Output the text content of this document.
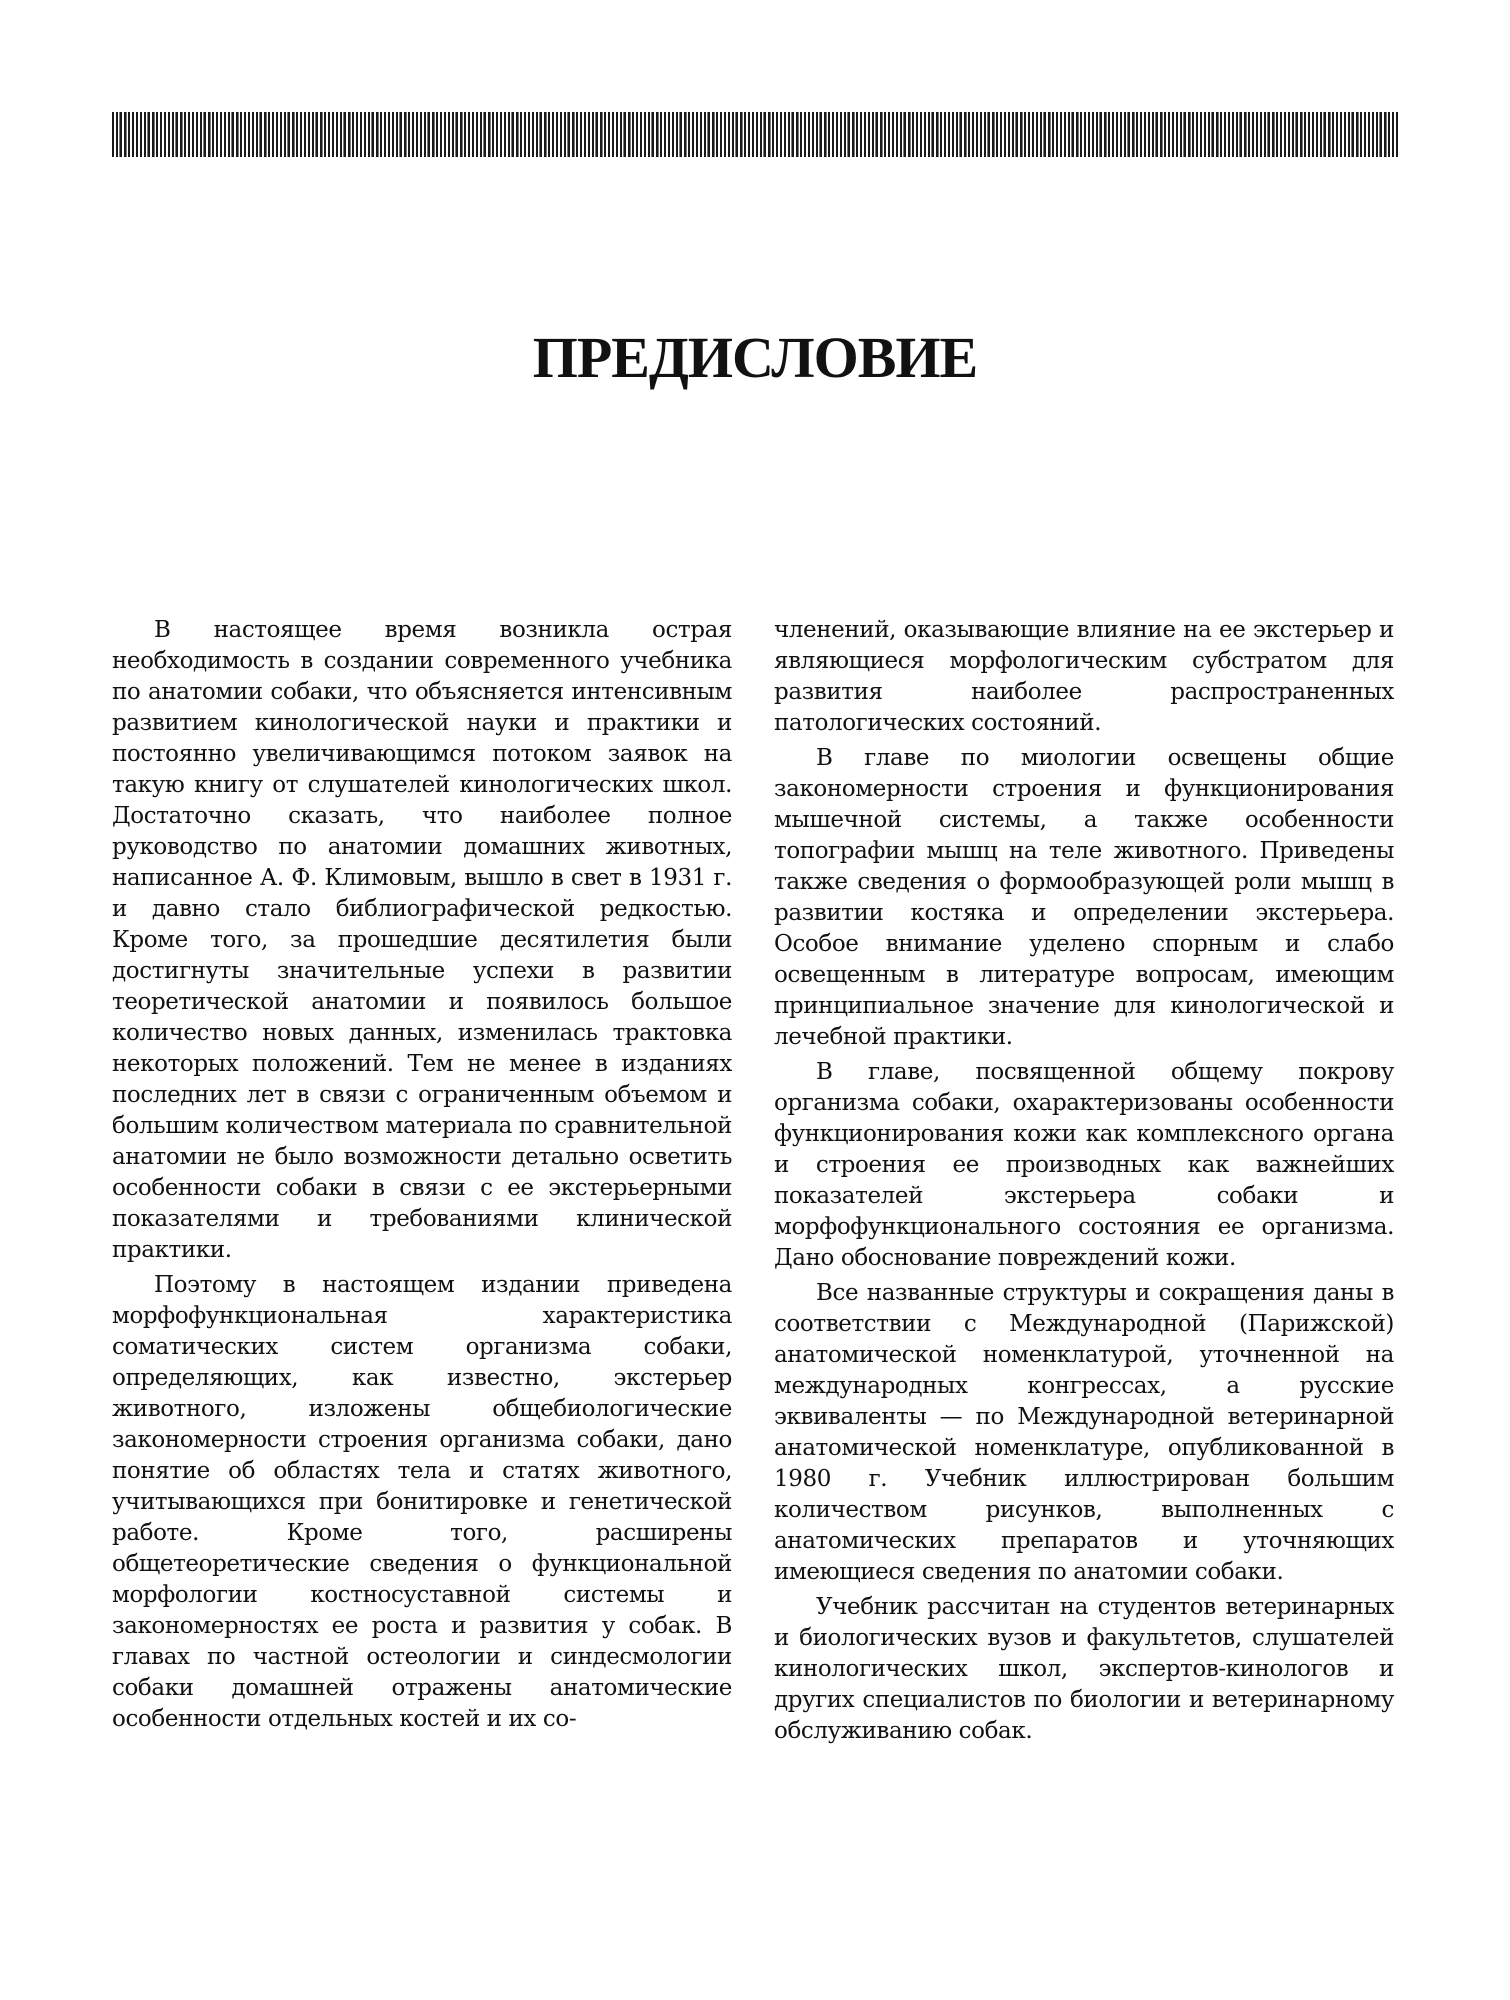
ПРЕДИСЛОВИЕ

В настоящее время возникла острая необходимость в создании современного учебника по анатомии собаки, что объясняется интенсивным развитием кинологической науки и практики и постоянно увеличивающимся потоком заявок на такую книгу от слушателей кинологических школ. Достаточно сказать, что наиболее полное руководство по анатомии домашних животных, написанное А. Ф. Климовым, вышло в свет в 1931 г. и давно стало библиографической редкостью. Кроме того, за прошедшие десятилетия были достигнуты значительные успехи в развитии теоретической анатомии и появилось большое количество новых данных, изменилась трактовка некоторых положений. Тем не менее в изданиях последних лет в связи с ограниченным объемом и большим количеством материала по сравнительной анатомии не было возможности детально осветить особенности собаки в связи с ее экстерьерными показателями и требованиями клинической практики.

Поэтому в настоящем издании приведена морфофункциональная характеристика соматических систем организма собаки, определяющих, как известно, экстерьер животного, изложены общебиологические закономерности строения организма собаки, дано понятие об областях тела и статях животного, учитывающихся при бонитировке и генетической работе. Кроме того, расширены общетеоретические сведения о функциональной морфологии костносуставной системы и закономерностях ее роста и развития у собак. В главах по частной остеологии и синдесмологии собаки домашней отражены анатомические особенности отдельных костей и их со-

членений, оказывающие влияние на ее экстерьер и являющиеся морфологическим субстратом для развития наиболее распространенных патологических состояний.

В главе по миологии освещены общие закономерности строения и функционирования мышечной системы, а также особенности топографии мышц на теле животного. Приведены также сведения о формообразующей роли мышц в развитии костяка и определении экстерьера. Особое внимание уделено спорным и слабо освещенным в литературе вопросам, имеющим принципиальное значение для кинологической и лечебной практики.

В главе, посвященной общему покрову организма собаки, охарактеризованы особенности функционирования кожи как комплексного органа и строения ее производных как важнейших показателей экстерьера собаки и морфофункционального состояния ее организма. Дано обоснование повреждений кожи.

Все названные структуры и сокращения даны в соответствии с Международной (Парижской) анатомической номенклатурой, уточненной на международных конгрессах, а русские эквиваленты — по Международной ветеринарной анатомической номенклатуре, опубликованной в 1980 г. Учебник иллюстрирован большим количеством рисунков, выполненных с анатомических препаратов и уточняющих имеющиеся сведения по анатомии собаки.

Учебник рассчитан на студентов ветеринарных и биологических вузов и факультетов, слушателей кинологических школ, экспертов-кинологов и других специалистов по биологии и ветеринарному обслуживанию собак.
